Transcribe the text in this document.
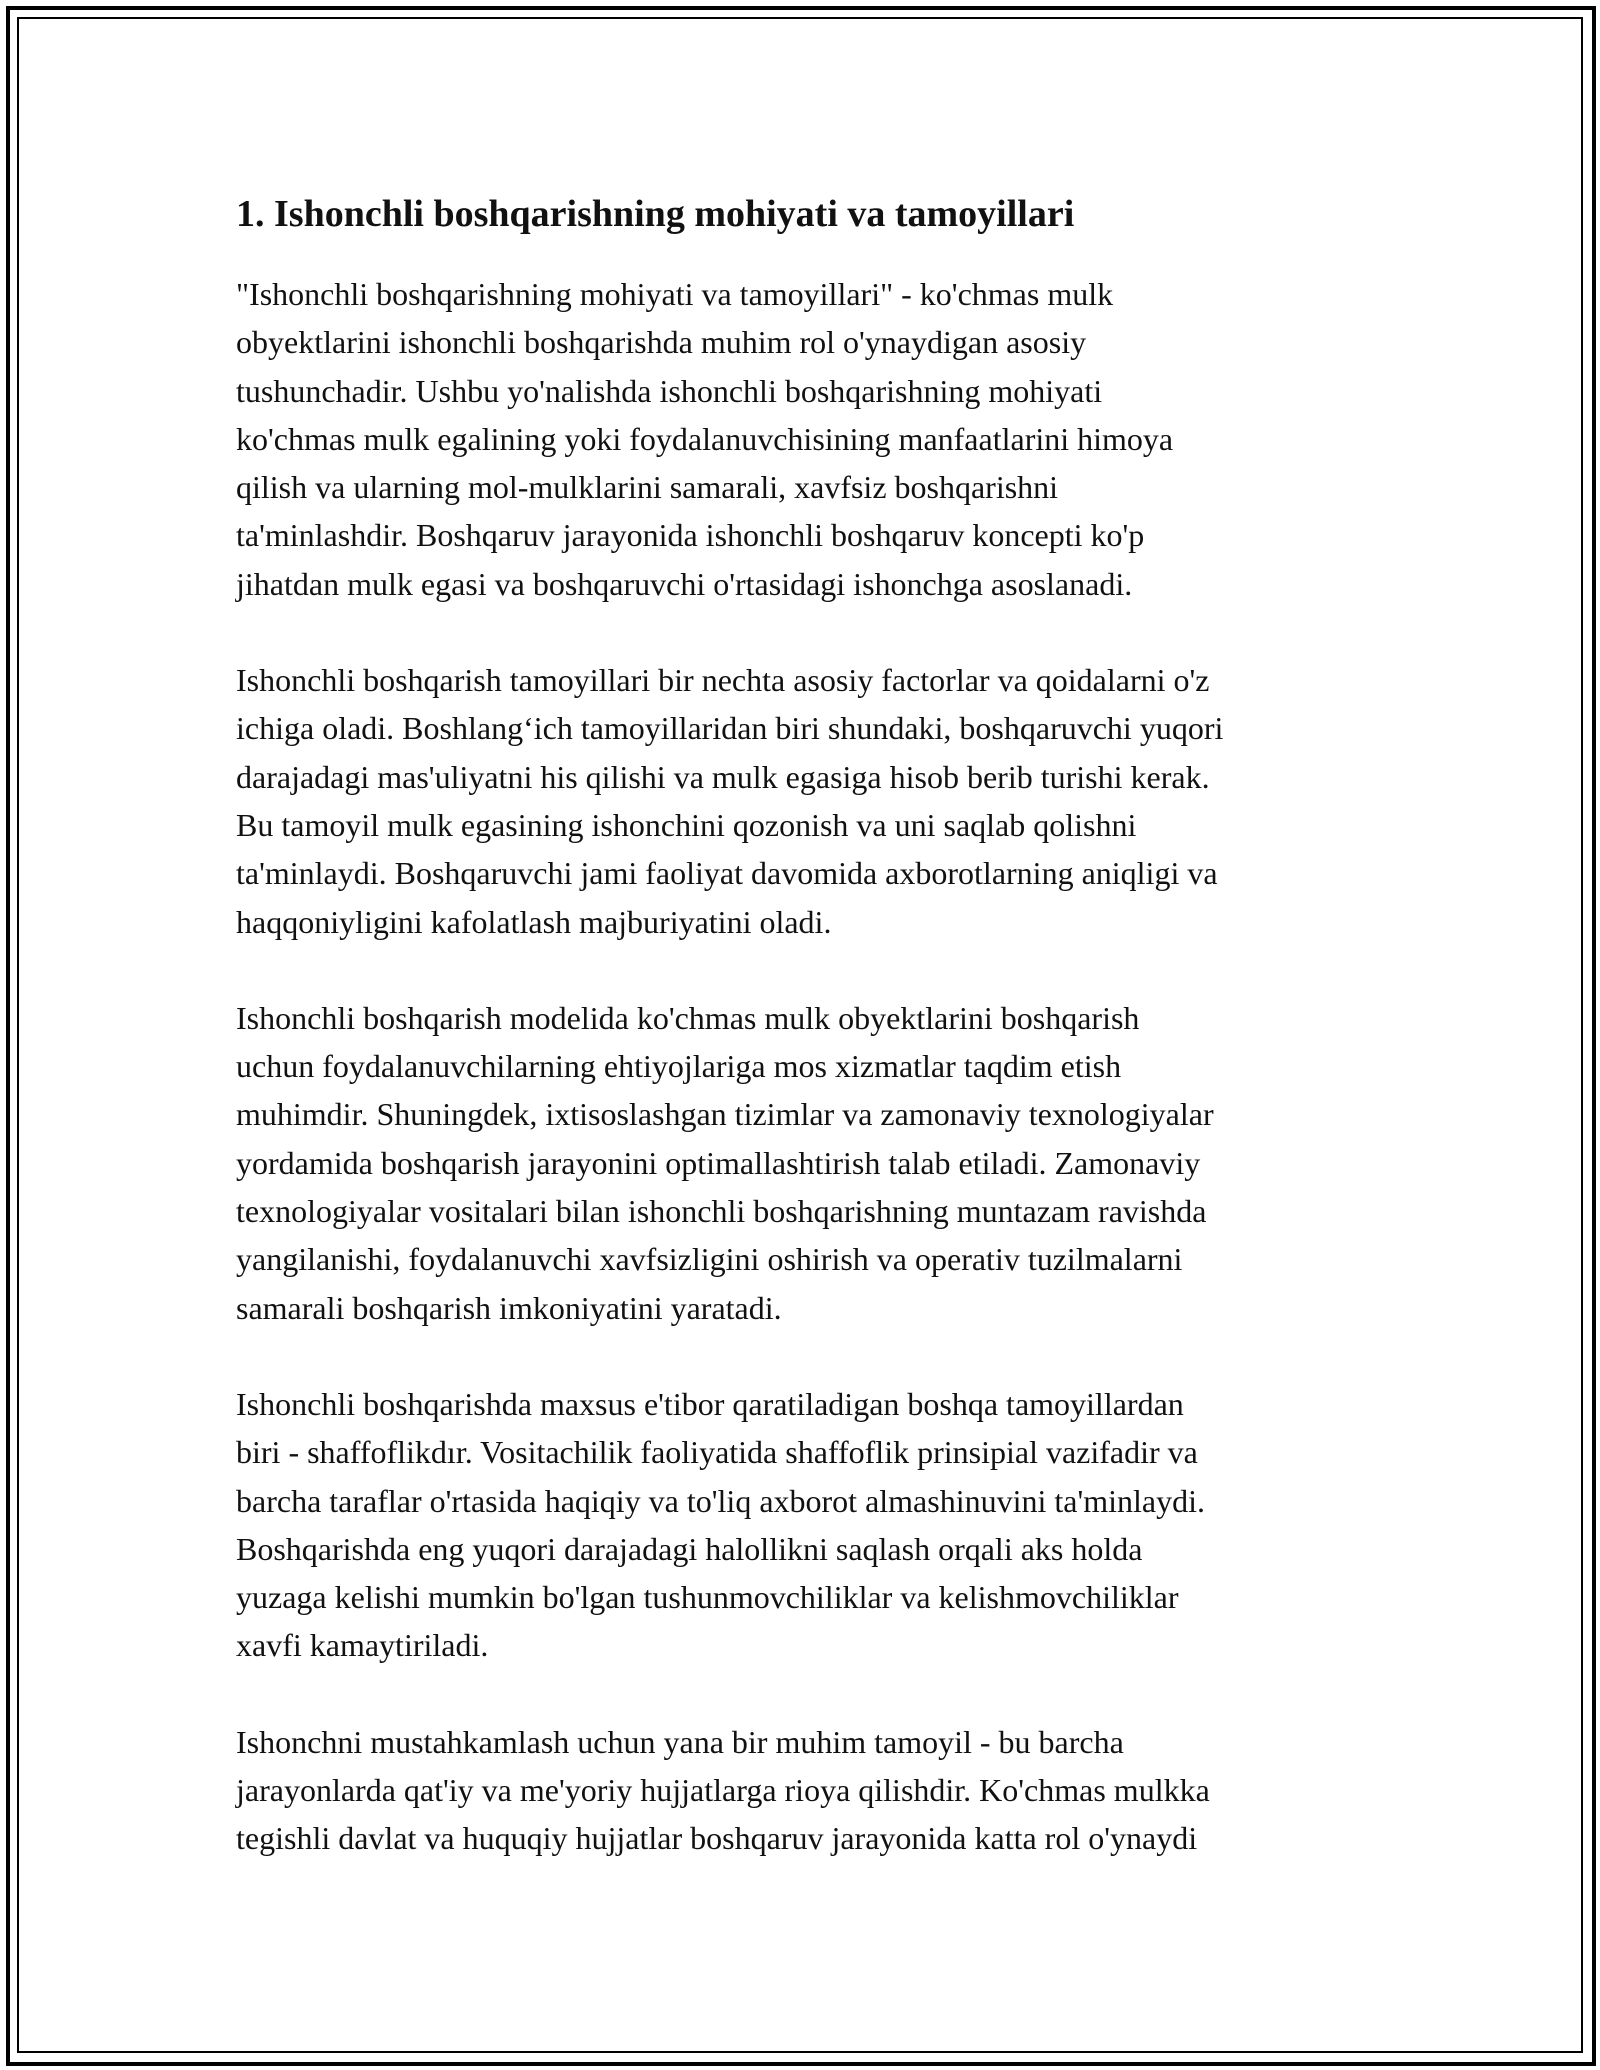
1. Ishonchli boshqarishning mohiyati va tamoyillari

"Ishonchli boshqarishning mohiyati va tamoyillari" - ko'chmas mulk
obyektlarini ishonchli boshqarishda muhim rol o'ynaydigan asosiy
tushunchadir. Ushbu yo'nalishda ishonchli boshqarishning mohiyati
ko'chmas mulk egalining yoki foydalanuvchisining manfaatlarini himoya
qilish va ularning mol-mulklarini samarali, xavfsiz boshqarishni
ta'minlashdir. Boshqaruv jarayonida ishonchli boshqaruv koncepti ko'p
jihatdan mulk egasi va boshqaruvchi o'rtasidagi ishonchga asoslanadi.

Ishonchli boshqarish tamoyillari bir nechta asosiy factorlar va qoidalarni o'z
ichiga oladi. Boshlang‘ich tamoyillaridan biri shundaki, boshqaruvchi yuqori
darajadagi mas'uliyatni his qilishi va mulk egasiga hisob berib turishi kerak.
Bu tamoyil mulk egasining ishonchini qozonish va uni saqlab qolishni
ta'minlaydi. Boshqaruvchi jami faoliyat davomida axborotlarning aniqligi va
haqqoniyligini kafolatlash majburiyatini oladi.

Ishonchli boshqarish modelida ko'chmas mulk obyektlarini boshqarish
uchun foydalanuvchilarning ehtiyojlariga mos xizmatlar taqdim etish
muhimdir. Shuningdek, ixtisoslashgan tizimlar va zamonaviy texnologiyalar
yordamida boshqarish jarayonini optimallashtirish talab etiladi. Zamonaviy
texnologiyalar vositalari bilan ishonchli boshqarishning muntazam ravishda
yangilanishi, foydalanuvchi xavfsizligini oshirish va operativ tuzilmalarni
samarali boshqarish imkoniyatini yaratadi.

Ishonchli boshqarishda maxsus e'tibor qaratiladigan boshqa tamoyillardan
biri - shaffoflikdır. Vositachilik faoliyatida shaffoflik prinsipial vazifadir va
barcha taraflar o'rtasida haqiqiy va to'liq axborot almashinuvini ta'minlaydi.
Boshqarishda eng yuqori darajadagi halollikni saqlash orqali aks holda
yuzaga kelishi mumkin bo'lgan tushunmovchiliklar va kelishmovchiliklar
xavfi kamaytiriladi.

Ishonchni mustahkamlash uchun yana bir muhim tamoyil - bu barcha
jarayonlarda qat'iy va me'yoriy hujjatlarga rioya qilishdir. Ko'chmas mulkka
tegishli davlat va huquqiy hujjatlar boshqaruv jarayonida katta rol o'ynaydi
